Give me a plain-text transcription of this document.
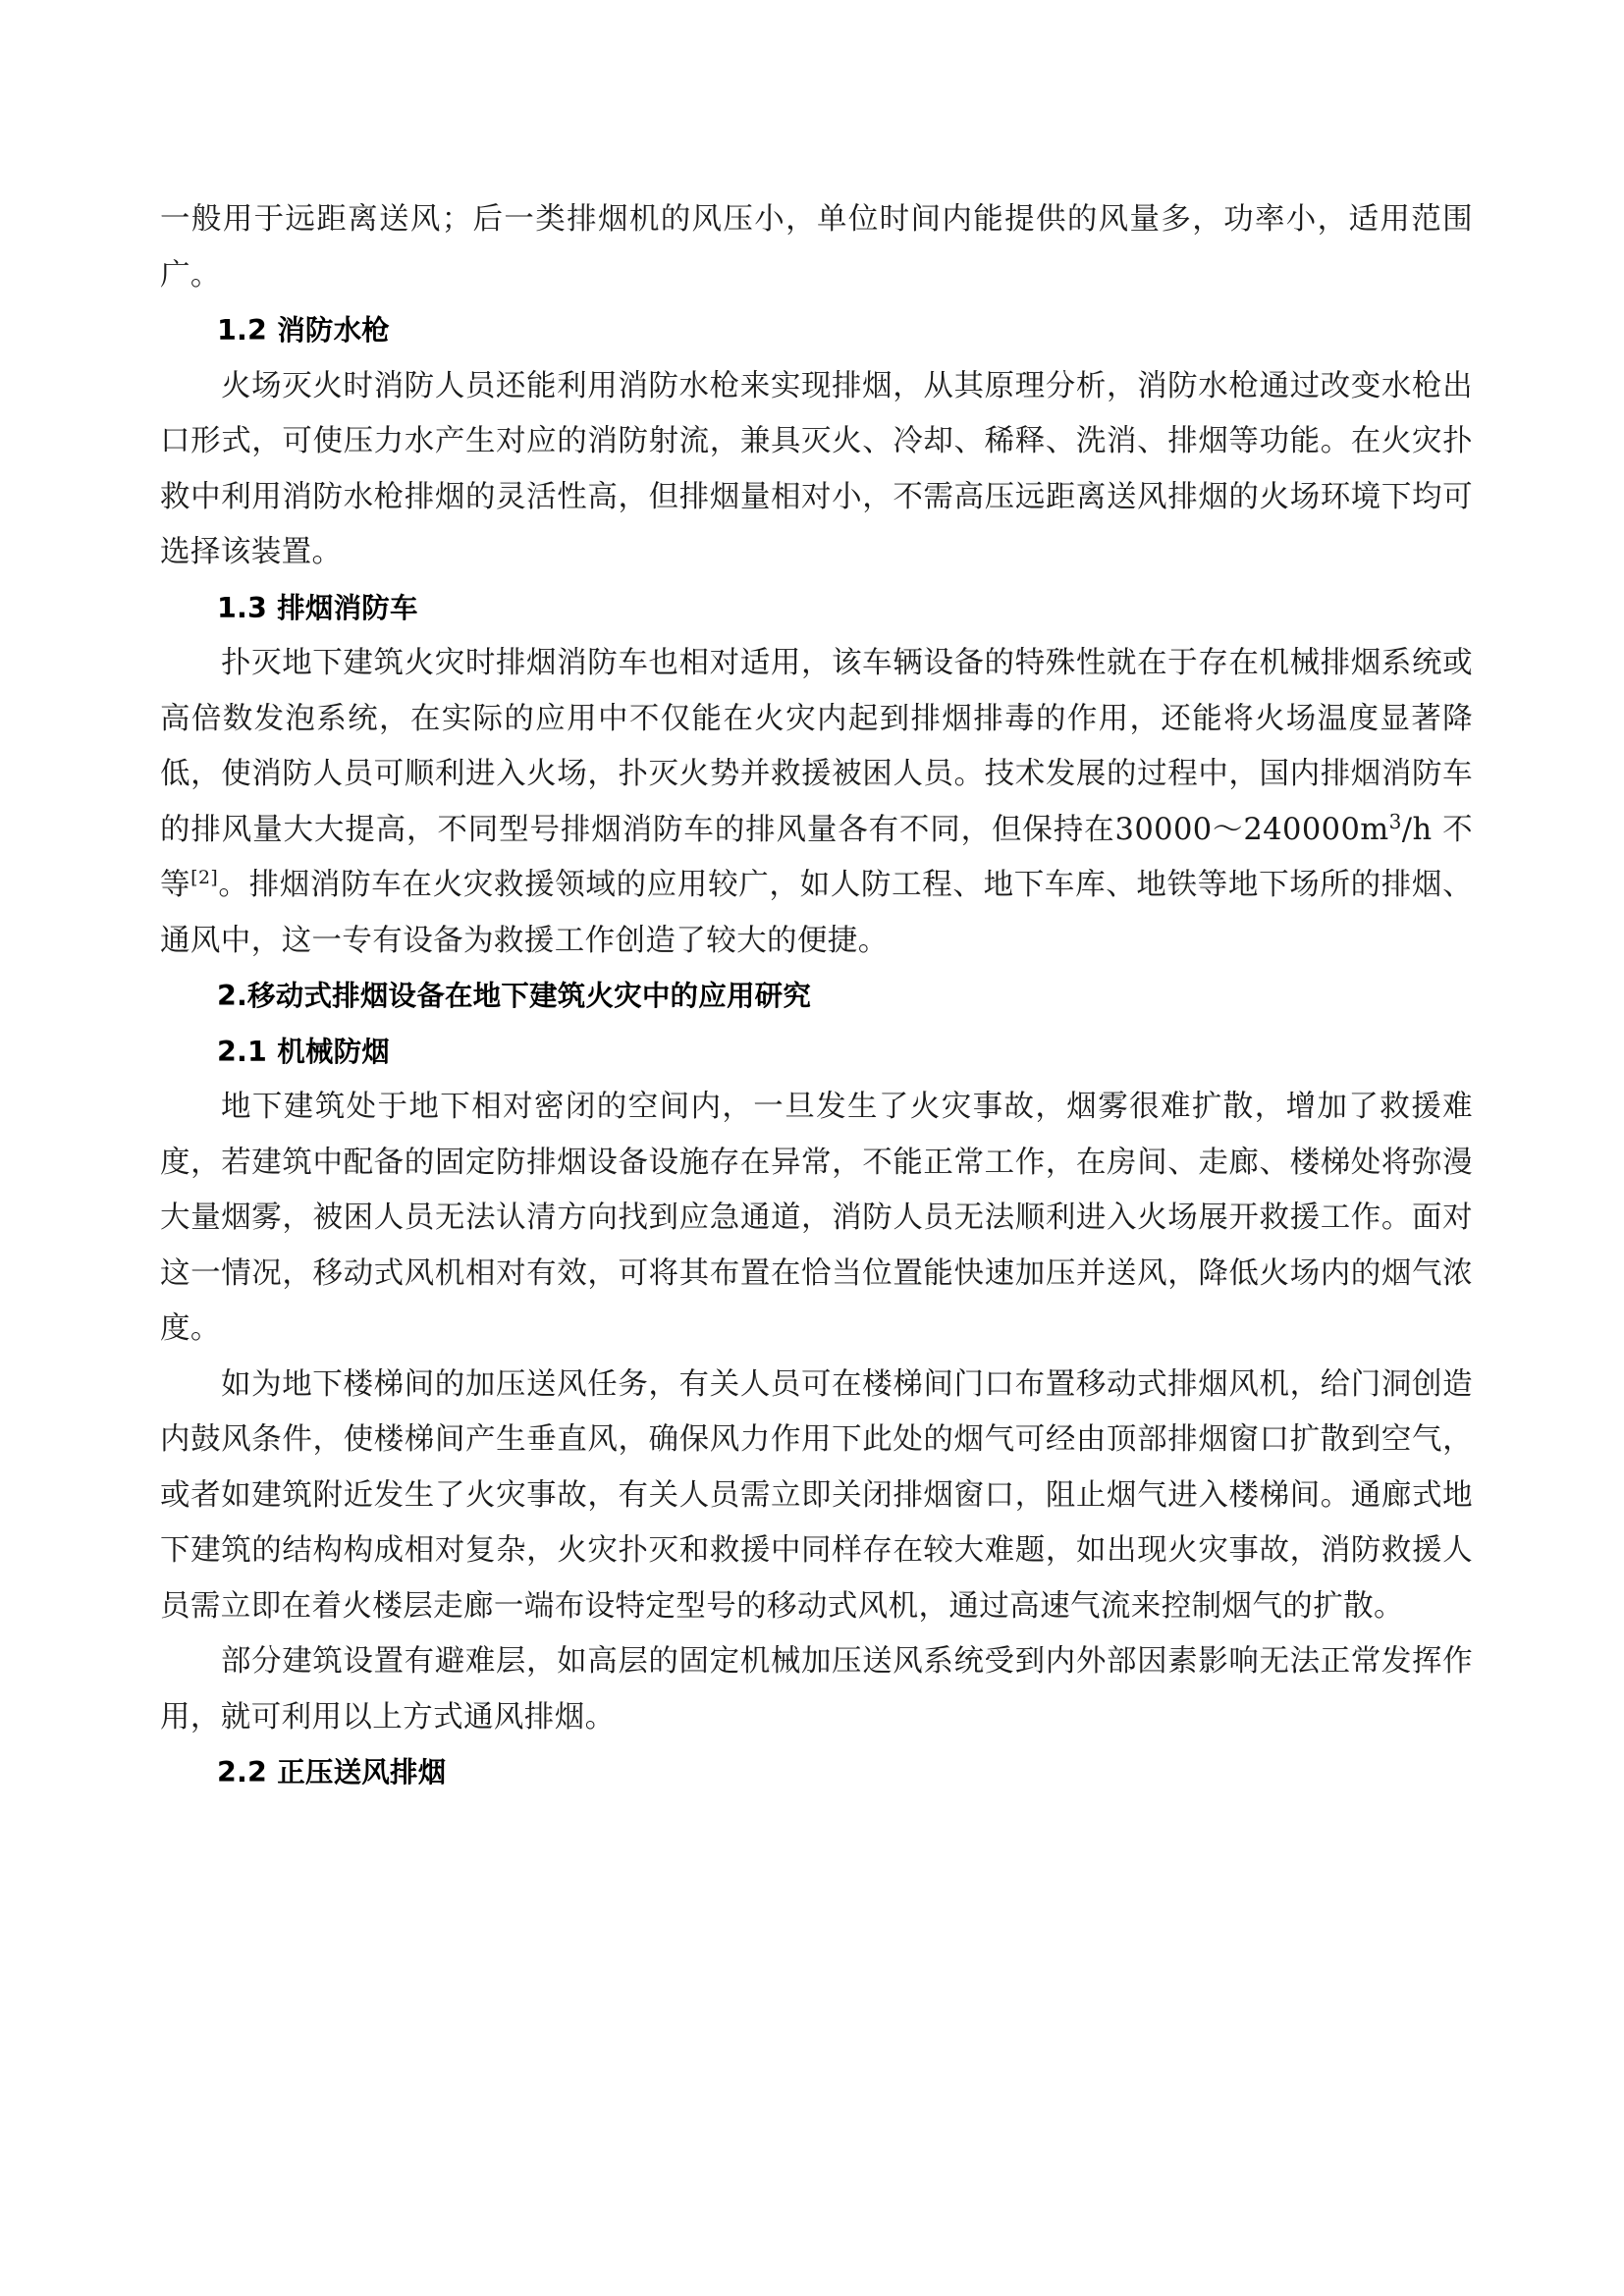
一般用于远距离送风；后一类排烟机的风压小，单位时间内能提供的风量多，功率小，适用范围广。

1.2 消防水枪

火场灭火时消防人员还能利用消防水枪来实现排烟，从其原理分析，消防水枪通过改变水枪出口形式，可使压力水产生对应的消防射流，兼具灭火、冷却、稀释、洗消、排烟等功能。在火灾扑救中利用消防水枪排烟的灵活性高，但排烟量相对小，不需高压远距离送风排烟的火场环境下均可选择该装置。

1.3 排烟消防车

扑灭地下建筑火灾时排烟消防车也相对适用，该车辆设备的特殊性就在于存在机械排烟系统或高倍数发泡系统，在实际的应用中不仅能在火灾内起到排烟排毒的作用，还能将火场温度显著降低，使消防人员可顺利进入火场，扑灭火势并救援被困人员。技术发展的过程中，国内排烟消防车的排风量大大提高，不同型号排烟消防车的排风量各有不同，但保持在$30000\sim 240000m^3/h$ 不等[2]。排烟消防车在火灾救援领域的应用较广，如人防工程、地下车库、地铁等地下场所的排烟、通风中，这一专有设备为救援工作创造了较大的便捷。

2.移动式排烟设备在地下建筑火灾中的应用研究
2.1 机械防烟

地下建筑处于地下相对密闭的空间内，一旦发生了火灾事故，烟雾很难扩散，增加了救援难度，若建筑中配备的固定防排烟设备设施存在异常，不能正常工作，在房间、走廊、楼梯处将弥漫大量烟雾，被困人员无法认清方向找到应急通道，消防人员无法顺利进入火场展开救援工作。面对这一情况，移动式风机相对有效，可将其布置在恰当位置能快速加压并送风，降低火场内的烟气浓度。

如为地下楼梯间的加压送风任务，有关人员可在楼梯间门口布置移动式排烟风机，给门洞创造内鼓风条件，使楼梯间产生垂直风，确保风力作用下此处的烟气可经由顶部排烟窗口扩散到空气，或者如建筑附近发生了火灾事故，有关人员需立即关闭排烟窗口，阻止烟气进入楼梯间。通廊式地下建筑的结构构成相对复杂，火灾扑灭和救援中同样存在较大难题，如出现火灾事故，消防救援人员需立即在着火楼层走廊一端布设特定型号的移动式风机，通过高速气流来控制烟气的扩散。

部分建筑设置有避难层，如高层的固定机械加压送风系统受到内外部因素影响无法正常发挥作用，就可利用以上方式通风排烟。

2.2 正压送风排烟
